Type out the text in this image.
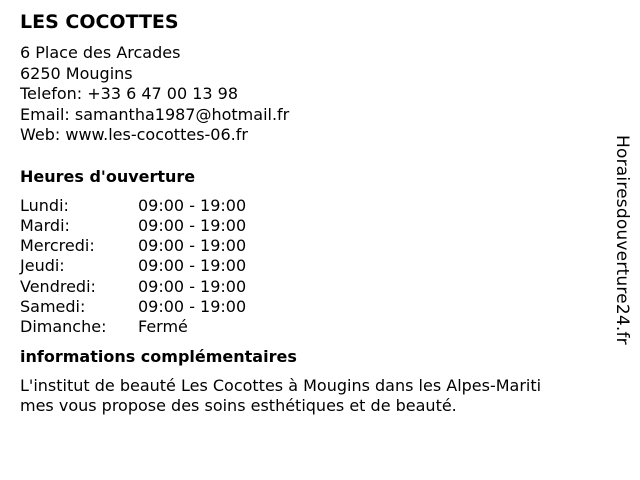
LES COCOTTES
6 Place des Arcades
6250 Mougins
Telefon: +33 6 47 00 13 98
Email: samantha1987@hotmail.fr
Web: www.les-cocottes-06.fr
Heures d'ouverture
Lundi:	09:00 - 19:00
Mardi:	09:00 - 19:00
Mercredi:	09:00 - 19:00
Jeudi:	09:00 - 19:00
Vendredi:	09:00 - 19:00
Samedi:	09:00 - 19:00
Dimanche:	Fermé
informations complémentaires
L'institut de beauté Les Cocottes à Mougins dans les Alpes-Mariti
mes vous propose des soins esthétiques et de beauté.
Horairesdouverture24.fr
